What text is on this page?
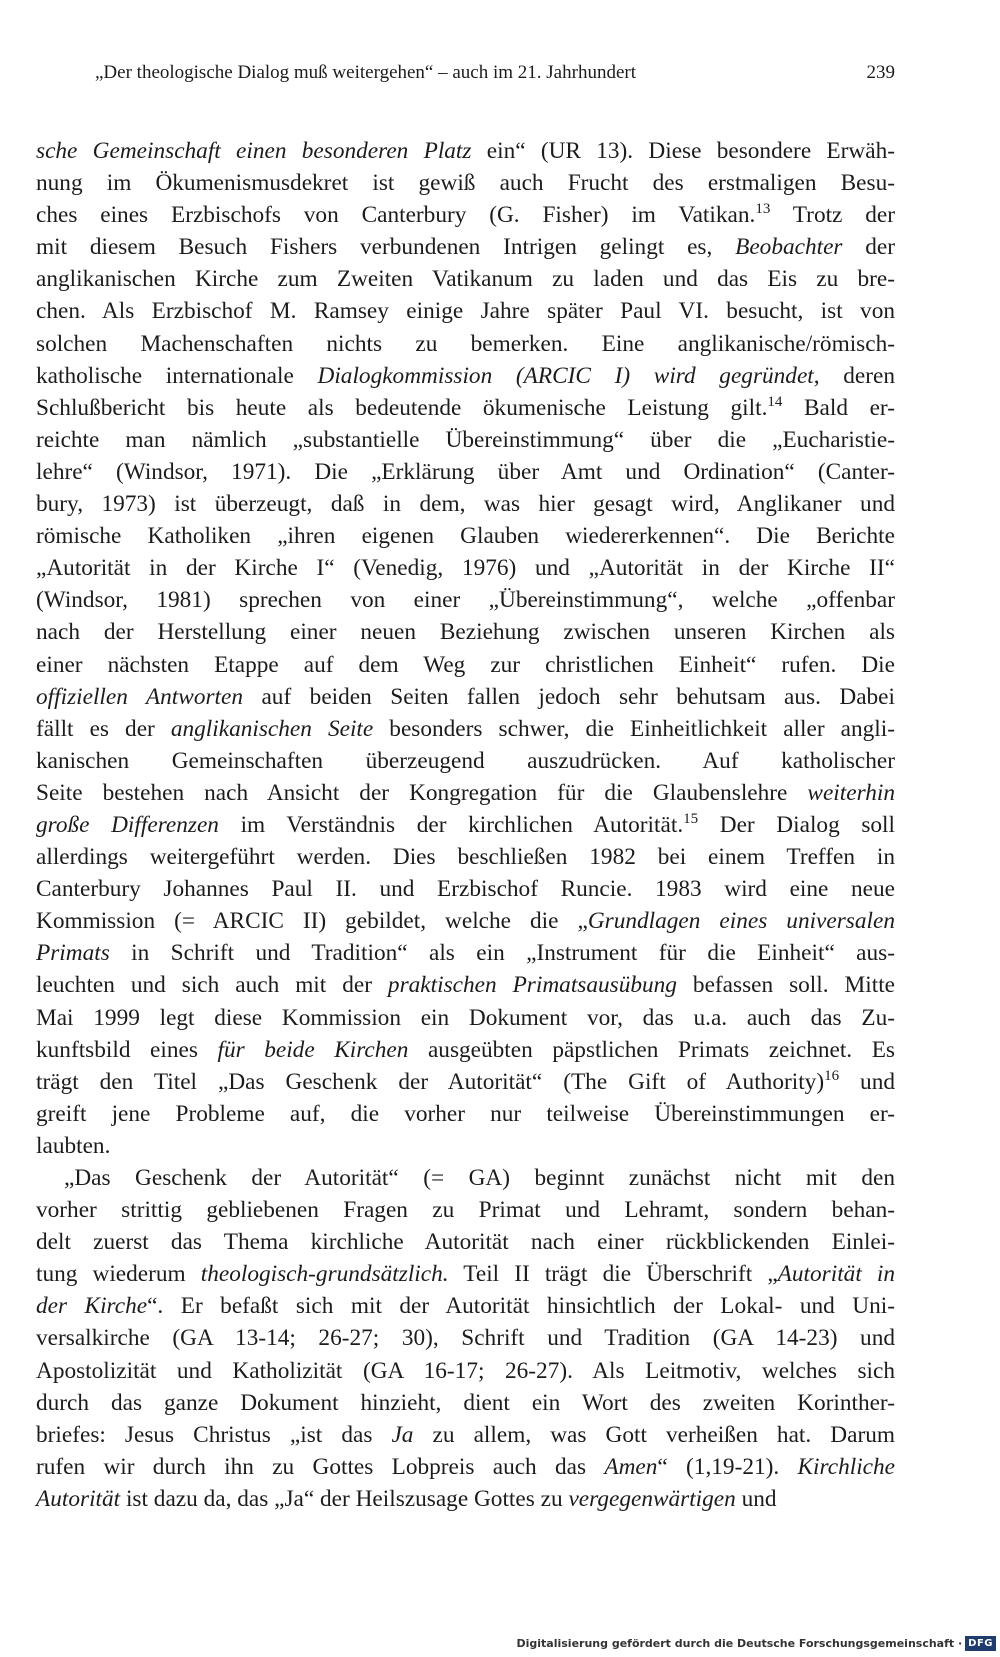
„Der theologische Dialog muß weitergehen“ – auch im 21. Jahrhundert	239
sche Gemeinschaft einen besonderen Platz ein“ (UR 13). Diese besondere Erwäh-
nung im Ökumenismusdekret ist gewiß auch Frucht des erstmaligen Besu-
ches eines Erzbischofs von Canterbury (G. Fisher) im Vatikan.$^{13}$ Trotz der
mit diesem Besuch Fishers verbundenen Intrigen gelingt es, Beobachter der
anglikanischen Kirche zum Zweiten Vatikanum zu laden und das Eis zu bre-
chen. Als Erzbischof M. Ramsey einige Jahre später Paul VI. besucht, ist von
solchen Machenschaften nichts zu bemerken. Eine anglikanische/römisch-
katholische internationale Dialogkommission (ARCIC I) wird gegründet, deren
Schlußbericht bis heute als bedeutende ökumenische Leistung gilt.$^{14}$ Bald er-
reichte man nämlich „substantielle Übereinstimmung“ über die „Eucharistie-
lehre“ (Windsor, 1971). Die „Erklärung über Amt und Ordination“ (Canter-
bury, 1973) ist überzeugt, daß in dem, was hier gesagt wird, Anglikaner und
römische Katholiken „ihren eigenen Glauben wiedererkennen“. Die Berichte
„Autorität in der Kirche I“ (Venedig, 1976) und „Autorität in der Kirche II“
(Windsor, 1981) sprechen von einer „Übereinstimmung“, welche „offenbar
nach der Herstellung einer neuen Beziehung zwischen unseren Kirchen als
einer nächsten Etappe auf dem Weg zur christlichen Einheit“ rufen. Die
offiziellen Antworten auf beiden Seiten fallen jedoch sehr behutsam aus. Dabei
fällt es der anglikanischen Seite besonders schwer, die Einheitlichkeit aller angli-
kanischen Gemeinschaften überzeugend auszudrücken. Auf katholischer
Seite bestehen nach Ansicht der Kongregation für die Glaubenslehre weiterhin
große Differenzen im Verständnis der kirchlichen Autorität.$^{15}$ Der Dialog soll
allerdings weitergeführt werden. Dies beschließen 1982 bei einem Treffen in
Canterbury Johannes Paul II. und Erzbischof Runcie. 1983 wird eine neue
Kommission (= ARCIC II) gebildet, welche die „Grundlagen eines universalen
Primats in Schrift und Tradition“ als ein „Instrument für die Einheit“ aus-
leuchten und sich auch mit der praktischen Primatsausübung befassen soll. Mitte
Mai 1999 legt diese Kommission ein Dokument vor, das u.a. auch das Zu-
kunftsbild eines für beide Kirchen ausgeübten päpstlichen Primats zeichnet. Es
trägt den Titel „Das Geschenk der Autorität“ (The Gift of Authority)$^{16}$ und
greift jene Probleme auf, die vorher nur teilweise Übereinstimmungen er-
laubten.
„Das Geschenk der Autorität“ (= GA) beginnt zunächst nicht mit den
vorher strittig gebliebenen Fragen zu Primat und Lehramt, sondern behan-
delt zuerst das Thema kirchliche Autorität nach einer rückblickenden Einlei-
tung wiederum theologisch-grundsätzlich. Teil II trägt die Überschrift „Autorität in
der Kirche“. Er befaßt sich mit der Autorität hinsichtlich der Lokal- und Uni-
versalkirche (GA 13-14; 26-27; 30), Schrift und Tradition (GA 14-23) und
Apostolizität und Katholizität (GA 16-17; 26-27). Als Leitmotiv, welches sich
durch das ganze Dokument hinzieht, dient ein Wort des zweiten Korinther-
briefes: Jesus Christus „ist das Ja zu allem, was Gott verheißen hat. Darum
rufen wir durch ihn zu Gottes Lobpreis auch das Amen“ (1,19-21). Kirchliche
Autorität ist dazu da, das „Ja“ der Heilszusage Gottes zu vergegenwärtigen und
Digitalisierung gefördert durch die Deutsche Forschungsgemeinschaft · DFG
